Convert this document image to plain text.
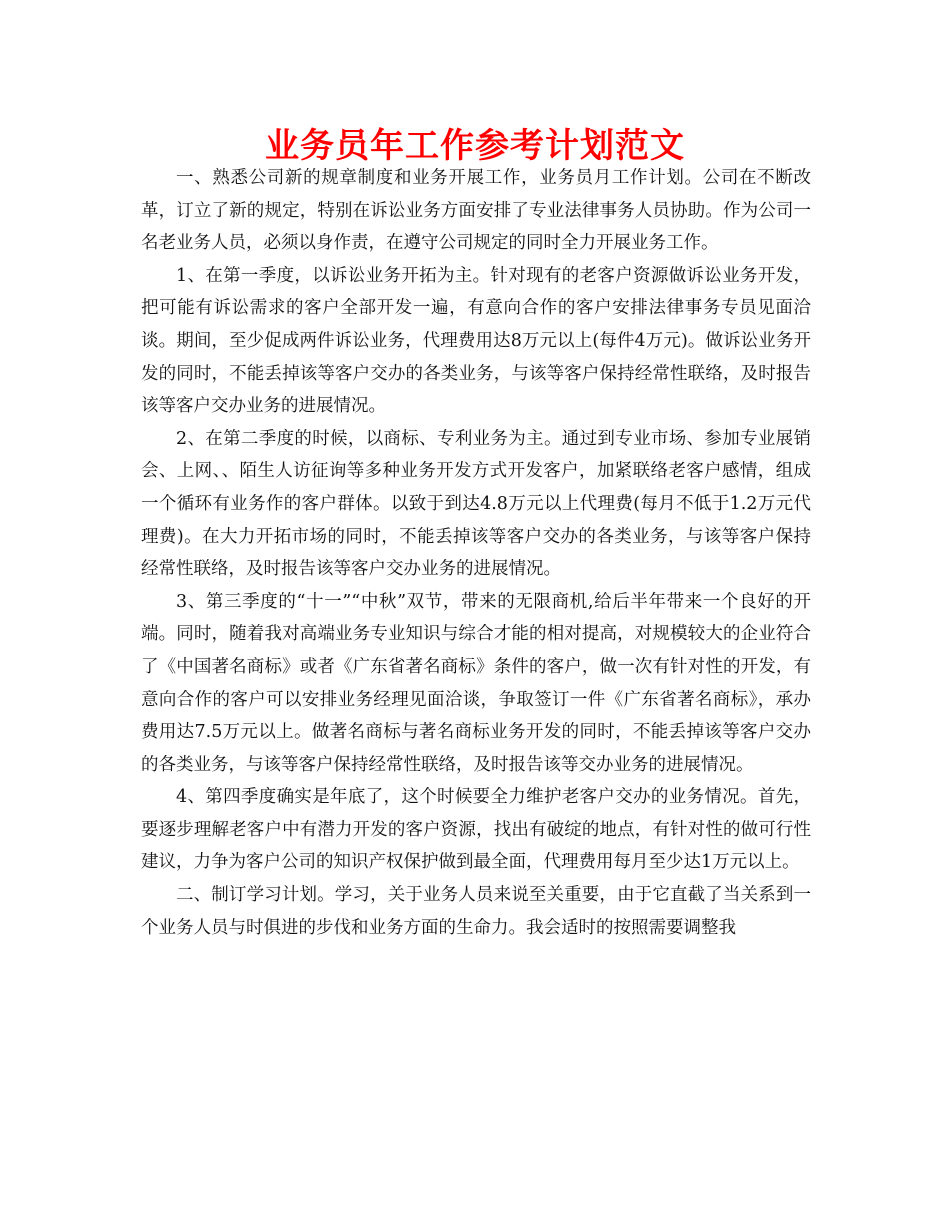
业务员年工作参考计划范文

一、熟悉公司新的规章制度和业务开展工作，业务员月工作计划。公司在不断改革，订立了新的规定，特别在诉讼业务方面安排了专业法律事务人员协助。作为公司一名老业务人员，必须以身作责，在遵守公司规定的同时全力开展业务工作。

1、在第一季度，以诉讼业务开拓为主。针对现有的老客户资源做诉讼业务开发，把可能有诉讼需求的客户全部开发一遍，有意向合作的客户安排法律事务专员见面洽谈。期间，至少促成两件诉讼业务，代理费用达8万元以上(每件4万元)。做诉讼业务开发的同时，不能丢掉该等客户交办的各类业务，与该等客户保持经常性联络，及时报告该等客户交办业务的进展情况。

2、在第二季度的时候，以商标、专利业务为主。通过到专业市场、参加专业展销会、上网、、陌生人访征询等多种业务开发方式开发客户，加紧联络老客户感情，组成一个循环有业务作的客户群体。以致于到达4.8万元以上代理费(每月不低于1.2万元代理费)。在大力开拓市场的同时，不能丢掉该等客户交办的各类业务，与该等客户保持经常性联络，及时报告该等客户交办业务的进展情况。

3、第三季度的“十一”“中秋”双节，带来的无限商机,给后半年带来一个良好的开端。同时，随着我对高端业务专业知识与综合才能的相对提高，对规模较大的企业符合了《中国著名商标》或者《广东省著名商标》条件的客户，做一次有针对性的开发，有意向合作的客户可以安排业务经理见面洽谈，争取签订一件《广东省著名商标》，承办费用达7.5万元以上。做著名商标与著名商标业务开发的同时，不能丢掉该等客户交办的各类业务，与该等客户保持经常性联络，及时报告该等交办业务的进展情况。

4、第四季度确实是年底了，这个时候要全力维护老客户交办的业务情况。首先，要逐步理解老客户中有潜力开发的客户资源，找出有破绽的地点，有针对性的做可行性建议，力争为客户公司的知识产权保护做到最全面，代理费用每月至少达1万元以上。

二、制订学习计划。学习，关于业务人员来说至关重要，由于它直截了当关系到一个业务人员与时俱进的步伐和业务方面的生命力。我会适时的按照需要调整我
